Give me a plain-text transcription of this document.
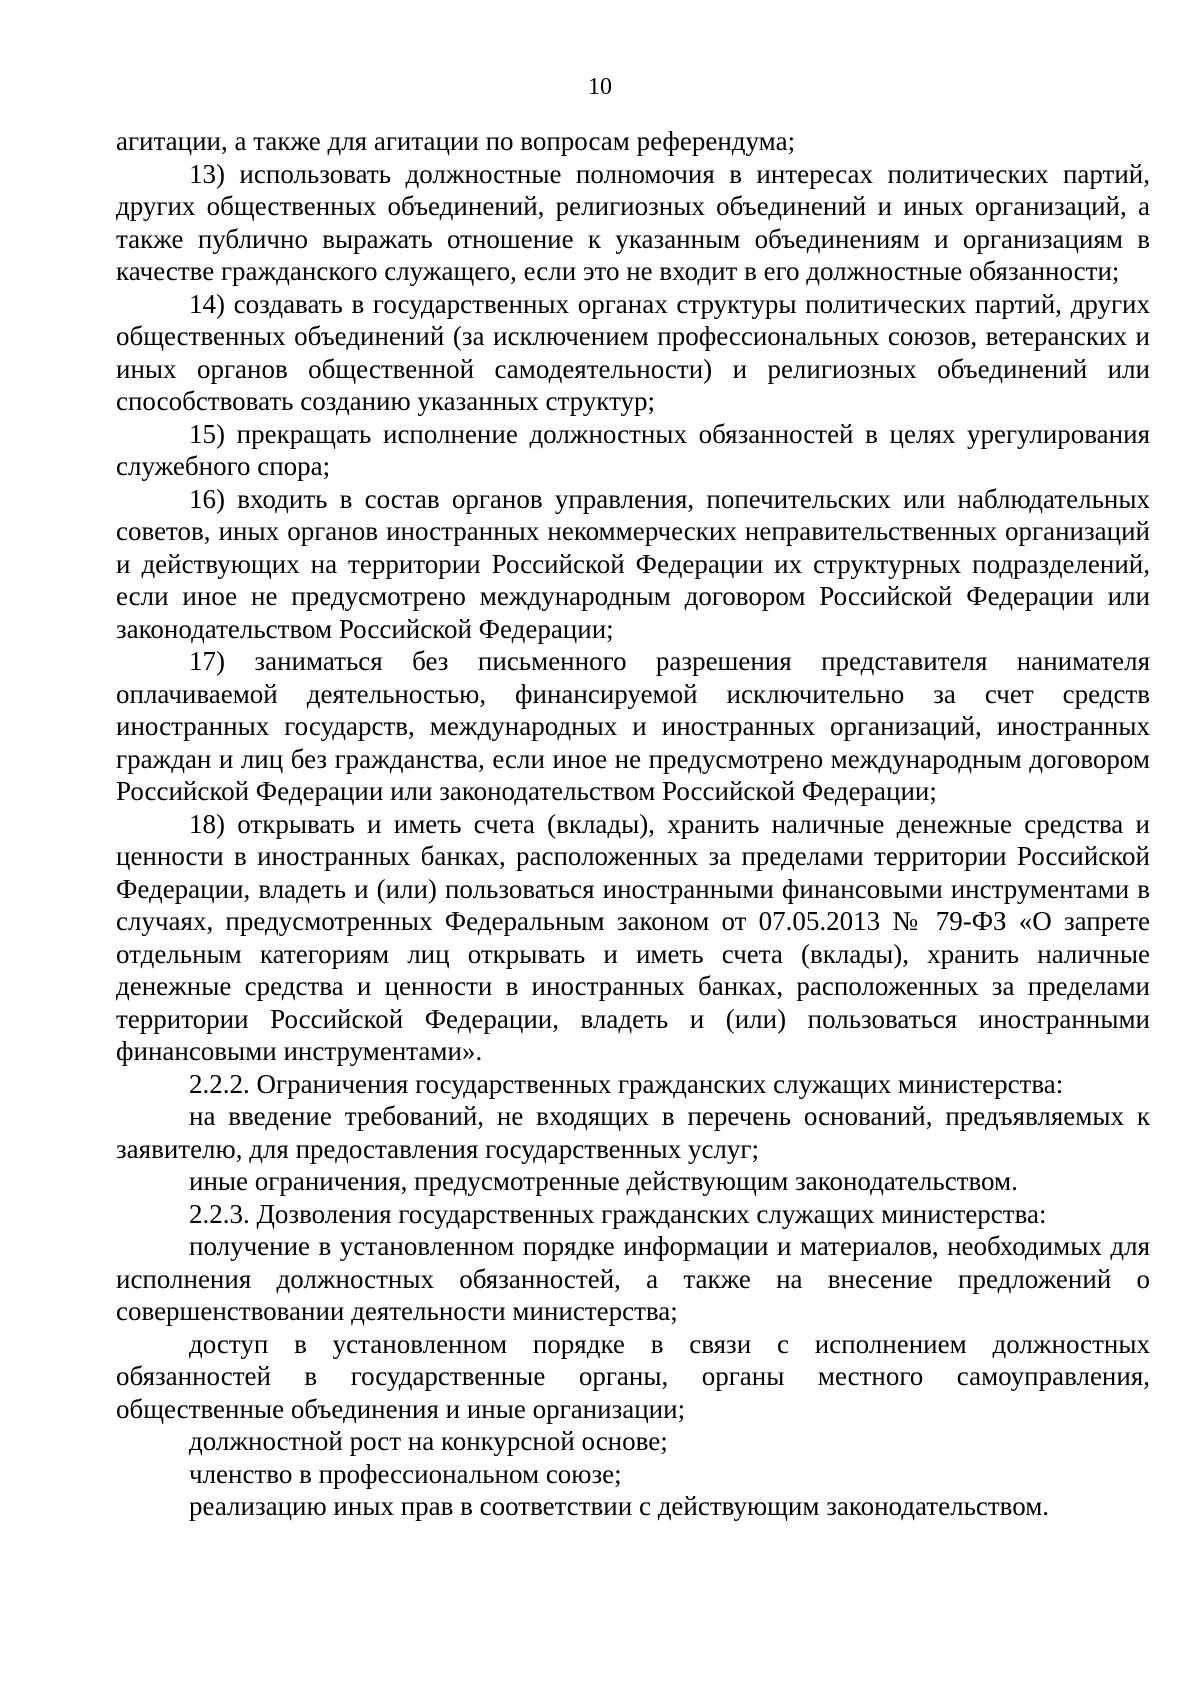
10

агитации, а также для агитации по вопросам референдума;

13) использовать должностные полномочия в интересах политических партий, других общественных объединений, религиозных объединений и иных организаций, а также публично выражать отношение к указанным объединениям и организациям в качестве гражданского служащего, если это не входит в его должностные обязанности;

14) создавать в государственных органах структуры политических партий, других общественных объединений (за исключением профессиональных союзов, ветеранских и иных органов общественной самодеятельности) и религиозных объединений или способствовать созданию указанных структур;

15) прекращать исполнение должностных обязанностей в целях урегулирования служебного спора;

16) входить в состав органов управления, попечительских или наблюдательных советов, иных органов иностранных некоммерческих неправительственных организаций и действующих на территории Российской Федерации их структурных подразделений, если иное не предусмотрено международным договором Российской Федерации или законодательством Российской Федерации;

17) заниматься без письменного разрешения представителя нанимателя оплачиваемой деятельностью, финансируемой исключительно за счет средств иностранных государств, международных и иностранных организаций, иностранных граждан и лиц без гражданства, если иное не предусмотрено международным договором Российской Федерации или законодательством Российской Федерации;

18) открывать и иметь счета (вклады), хранить наличные денежные средства и ценности в иностранных банках, расположенных за пределами территории Российской Федерации, владеть и (или) пользоваться иностранными финансовыми инструментами в случаях, предусмотренных Федеральным законом от 07.05.2013 № 79-ФЗ «О запрете отдельным категориям лиц открывать и иметь счета (вклады), хранить наличные денежные средства и ценности в иностранных банках, расположенных за пределами территории Российской Федерации, владеть и (или) пользоваться иностранными финансовыми инструментами».

2.2.2. Ограничения государственных гражданских служащих министерства:

на введение требований, не входящих в перечень оснований, предъявляемых к заявителю, для предоставления государственных услуг;

иные ограничения, предусмотренные действующим законодательством.

2.2.3. Дозволения государственных гражданских служащих министерства:

получение в установленном порядке информации и материалов, необходимых для исполнения должностных обязанностей, а также на внесение предложений о совершенствовании деятельности министерства;

доступ в установленном порядке в связи с исполнением должностных обязанностей в государственные органы, органы местного самоуправления, общественные объединения и иные организации;

должностной рост на конкурсной основе;

членство в профессиональном союзе;

реализацию иных прав в соответствии с действующим законодательством.
